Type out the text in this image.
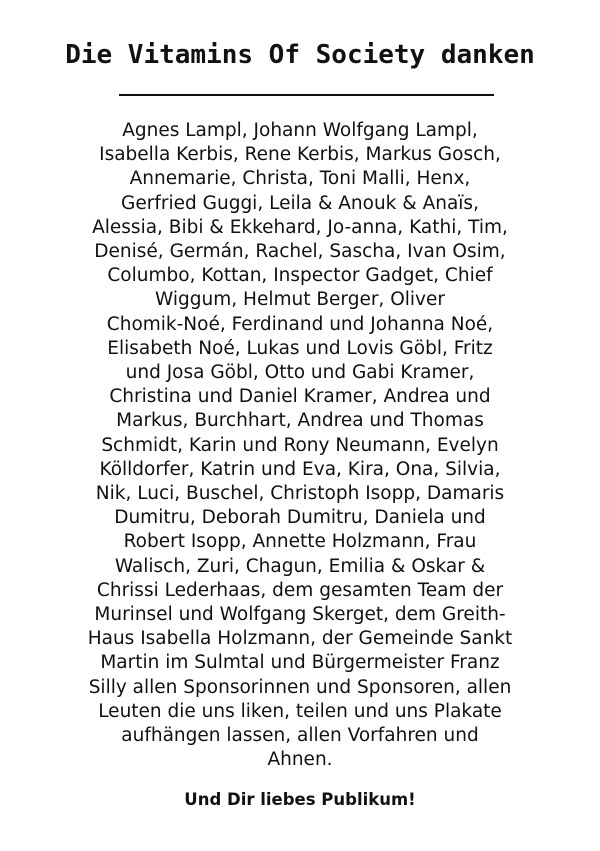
Die Vitamins Of Society danken
Agnes Lampl, Johann Wolfgang Lampl,
Isabella Kerbis, Rene Kerbis, Markus Gosch,
Annemarie, Christa, Toni Malli, Henx,
Gerfried Guggi, Leila & Anouk & Anaïs,
Alessia, Bibi & Ekkehard, Jo-anna, Kathi, Tim,
Denisé, Germán, Rachel, Sascha, Ivan Osim,
Columbo, Kottan, Inspector Gadget, Chief
Wiggum, Helmut Berger, Oliver
Chomik-Noé, Ferdinand und Johanna Noé,
Elisabeth Noé, Lukas und Lovis Göbl, Fritz
und Josa Göbl, Otto und Gabi Kramer,
Christina und Daniel Kramer, Andrea und
Markus, Burchhart, Andrea und Thomas
Schmidt, Karin und Rony Neumann, Evelyn
Kölldorfer, Katrin und Eva, Kira, Ona, Silvia,
Nik, Luci, Buschel, Christoph Isopp, Damaris
Dumitru, Deborah Dumitru, Daniela und
Robert Isopp, Annette Holzmann, Frau
Walisch, Zuri, Chagun, Emilia & Oskar &
Chrissi Lederhaas, dem gesamten Team der
Murinsel und Wolfgang Skerget, dem Greith-
Haus Isabella Holzmann, der Gemeinde Sankt
Martin im Sulmtal und Bürgermeister Franz
Silly allen Sponsorinnen und Sponsoren, allen
Leuten die uns liken, teilen und uns Plakate
aufhängen lassen, allen Vorfahren und
Ahnen.
Und Dir liebes Publikum!
